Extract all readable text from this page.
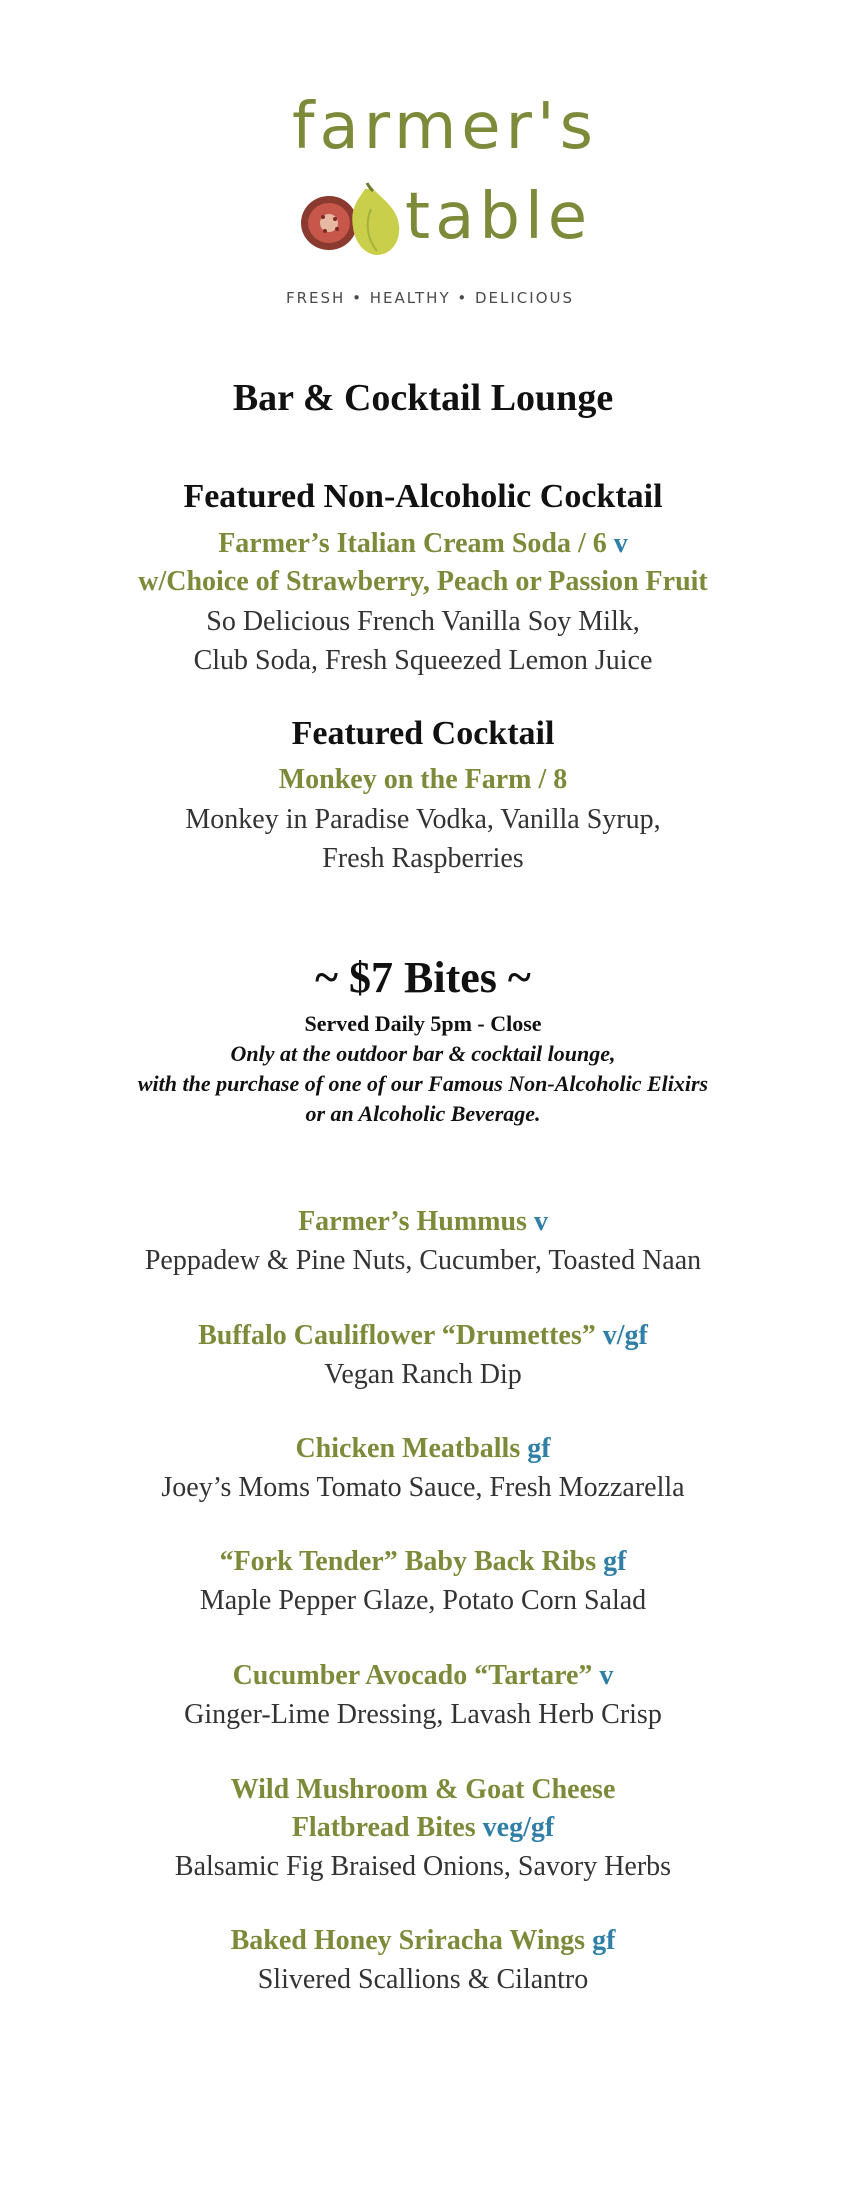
farmer's
table
FRESH • HEALTHY • DELICIOUS
Bar & Cocktail Lounge
Featured Non-Alcoholic Cocktail
Farmer’s Italian Cream Soda / 6 v
w/Choice of Strawberry, Peach or Passion Fruit
So Delicious French Vanilla Soy Milk,
Club Soda, Fresh Squeezed Lemon Juice
Featured Cocktail
Monkey on the Farm / 8
Monkey in Paradise Vodka, Vanilla Syrup,
Fresh Raspberries
~ $7 Bites ~
Served Daily 5pm - Close
Only at the outdoor bar & cocktail lounge,
with the purchase of one of our Famous Non-Alcoholic Elixirs
or an Alcoholic Beverage.
Farmer’s Hummus v
Peppadew & Pine Nuts, Cucumber, Toasted Naan
Buffalo Cauliflower “Drumettes” v/gf
Vegan Ranch Dip
Chicken Meatballs gf
Joey’s Moms Tomato Sauce, Fresh Mozzarella
“Fork Tender” Baby Back Ribs gf
Maple Pepper Glaze, Potato Corn Salad
Cucumber Avocado “Tartare” v
Ginger-Lime Dressing, Lavash Herb Crisp
Wild Mushroom & Goat Cheese
Flatbread Bites veg/gf
Balsamic Fig Braised Onions, Savory Herbs
Baked Honey Sriracha Wings gf
Slivered Scallions & Cilantro
